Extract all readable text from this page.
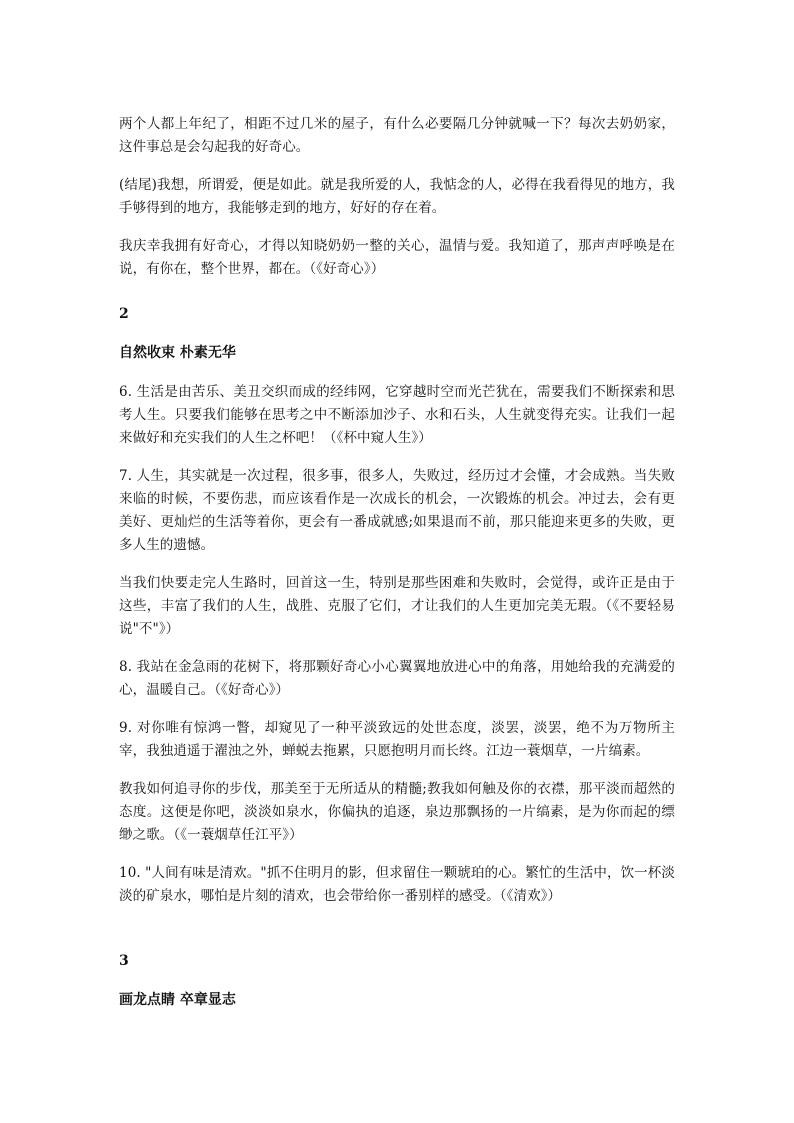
两个人都上年纪了，相距不过几米的屋子，有什么必要隔几分钟就喊一下？每次去奶奶家，这件事总是会勾起我的好奇心。

(结尾)我想，所谓爱，便是如此。就是我所爱的人，我惦念的人，必得在我看得见的地方，我手够得到的地方，我能够走到的地方，好好的存在着。

我庆幸我拥有好奇心，才得以知晓奶奶一整的关心，温情与爱。我知道了，那声声呼唤是在说，有你在，整个世界，都在。（《好奇心》）

2

自然收束 朴素无华

6. 生活是由苦乐、美丑交织而成的经纬网，它穿越时空而光芒犹在，需要我们不断探索和思考人生。只要我们能够在思考之中不断添加沙子、水和石头，人生就变得充实。让我们一起来做好和充实我们的人生之杯吧！（《杯中窥人生》）

7. 人生，其实就是一次过程，很多事，很多人，失败过，经历过才会懂，才会成熟。当失败来临的时候，不要伤悲，而应该看作是一次成长的机会，一次锻炼的机会。冲过去，会有更美好、更灿烂的生活等着你，更会有一番成就感;如果退而不前，那只能迎来更多的失败，更多人生的遗憾。

当我们快要走完人生路时，回首这一生，特别是那些困难和失败时，会觉得，或许正是由于这些，丰富了我们的人生，战胜、克服了它们，才让我们的人生更加完美无瑕。（《不要轻易说"不"》）

8. 我站在金急雨的花树下，将那颗好奇心小心翼翼地放进心中的角落，用她给我的充满爱的心，温暖自己。（《好奇心》）

9. 对你唯有惊鸿一瞥，却窥见了一种平淡致远的处世态度，淡罢，淡罢，绝不为万物所主宰，我独逍遥于濯浊之外，蝉蜕去拖累，只愿抱明月而长终。江边一蓑烟草，一片缟素。

教我如何追寻你的步伐，那美至于无所适从的精髓;教我如何触及你的衣襟，那平淡而超然的态度。这便是你吧，淡淡如泉水，你偏执的追逐，泉边那飘扬的一片缟素，是为你而起的缥缈之歌。（《一蓑烟草任江平》）

10. "人间有味是清欢。"抓不住明月的影，但求留住一颗琥珀的心。繁忙的生活中，饮一杯淡淡的矿泉水，哪怕是片刻的清欢，也会带给你一番别样的感受。（《清欢》）

3

画龙点睛 卒章显志
